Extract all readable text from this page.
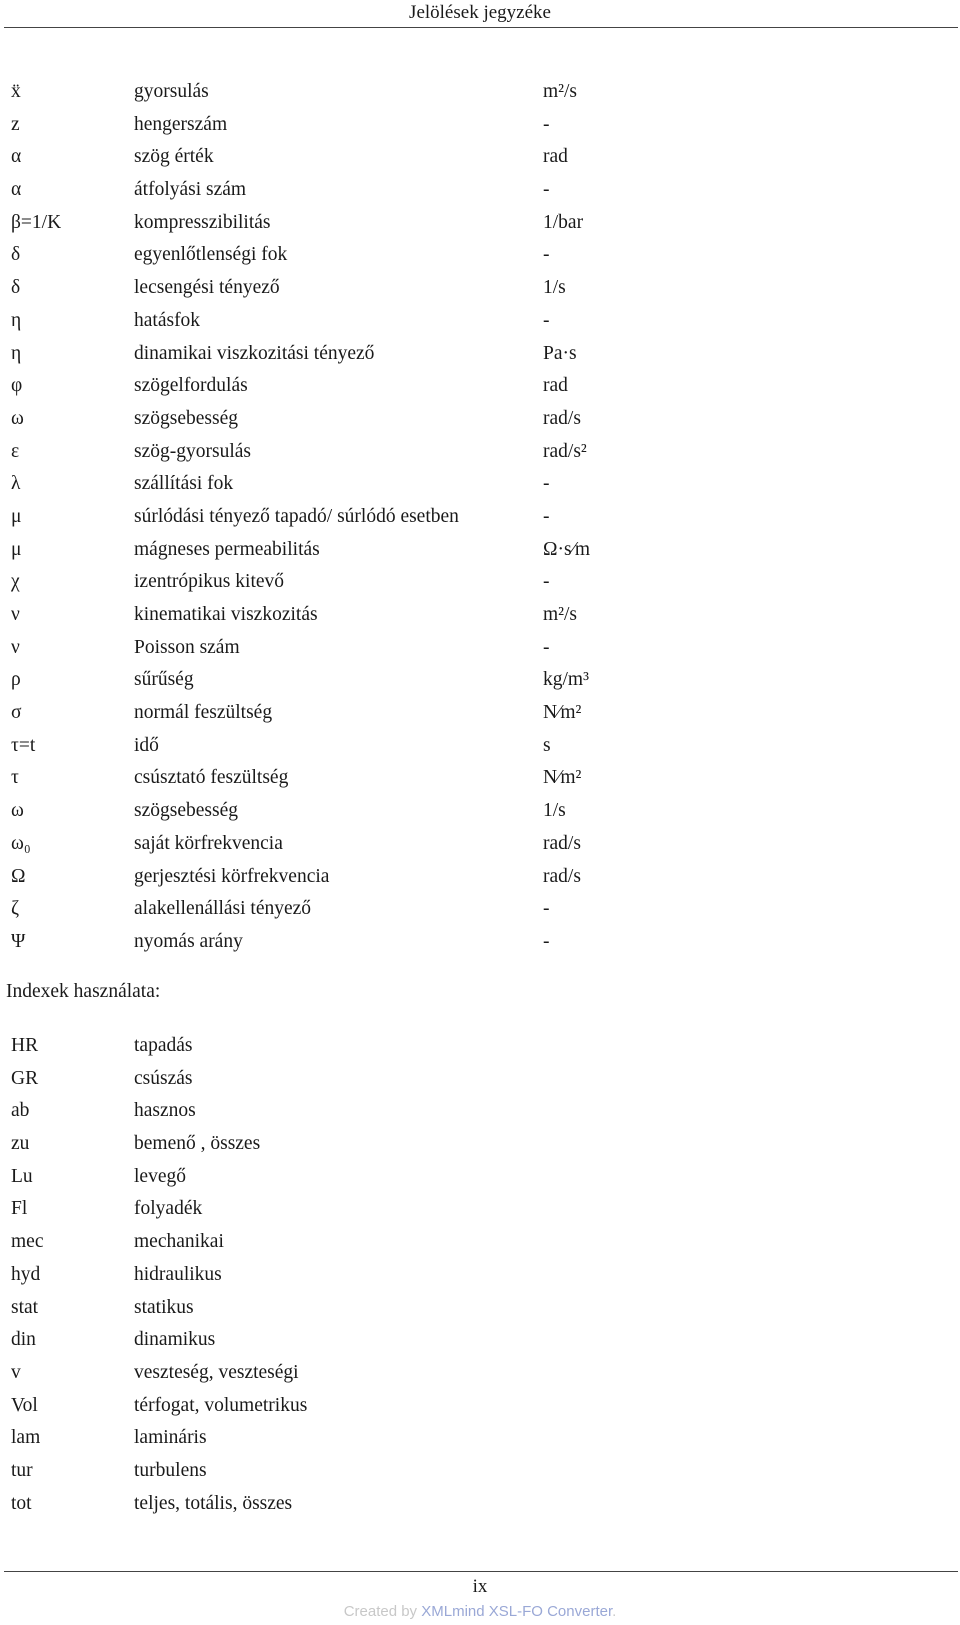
Jelölések jegyzéke
ẍ	gyorsulás	m²/s
z	hengerszám	-
α	szög érték	rad
α	átfolyási szám	-
β=1/K	kompresszibilitás	1/bar
δ	egyenlőtlenségi fok	-
δ	lecsengési tényező	1/s
η	hatásfok	-
η	dinamikai viszkozitási tényező	Pa·s
φ	szögelfordulás	rad
ω	szögsebesség	rad/s
ε	szög-gyorsulás	rad/s²
λ	szállítási fok	-
μ	súrlódási tényező tapadó/ súrlódó esetben	-
μ	mágneses permeabilitás	Ω·s⁄m
χ	izentrópikus kitevő	-
ν	kinematikai viszkozitás	m²/s
ν	Poisson szám	-
ρ	sűrűség	kg/m³
σ	normál feszültség	N⁄m²
τ=t	idő	s
τ	csúsztató feszültség	N⁄m²
ω	szögsebesség	1/s
ω₀	saját körfrekvencia	rad/s
Ω	gerjesztési körfrekvencia	rad/s
ζ	alakellenállási tényező	-
Ψ	nyomás arány	-
Indexek használata:
HR	tapadás
GR	csúszás
ab	hasznos
zu	bemenő , összes
Lu	levegő
Fl	folyadék
mec	mechanikai
hyd	hidraulikus
stat	statikus
din	dinamikus
v	veszteség, veszteségi
Vol	térfogat, volumetrikus
lam	lamináris
tur	turbulens
tot	teljes, totális, összes
ix
Created by XMLmind XSL-FO Converter.
